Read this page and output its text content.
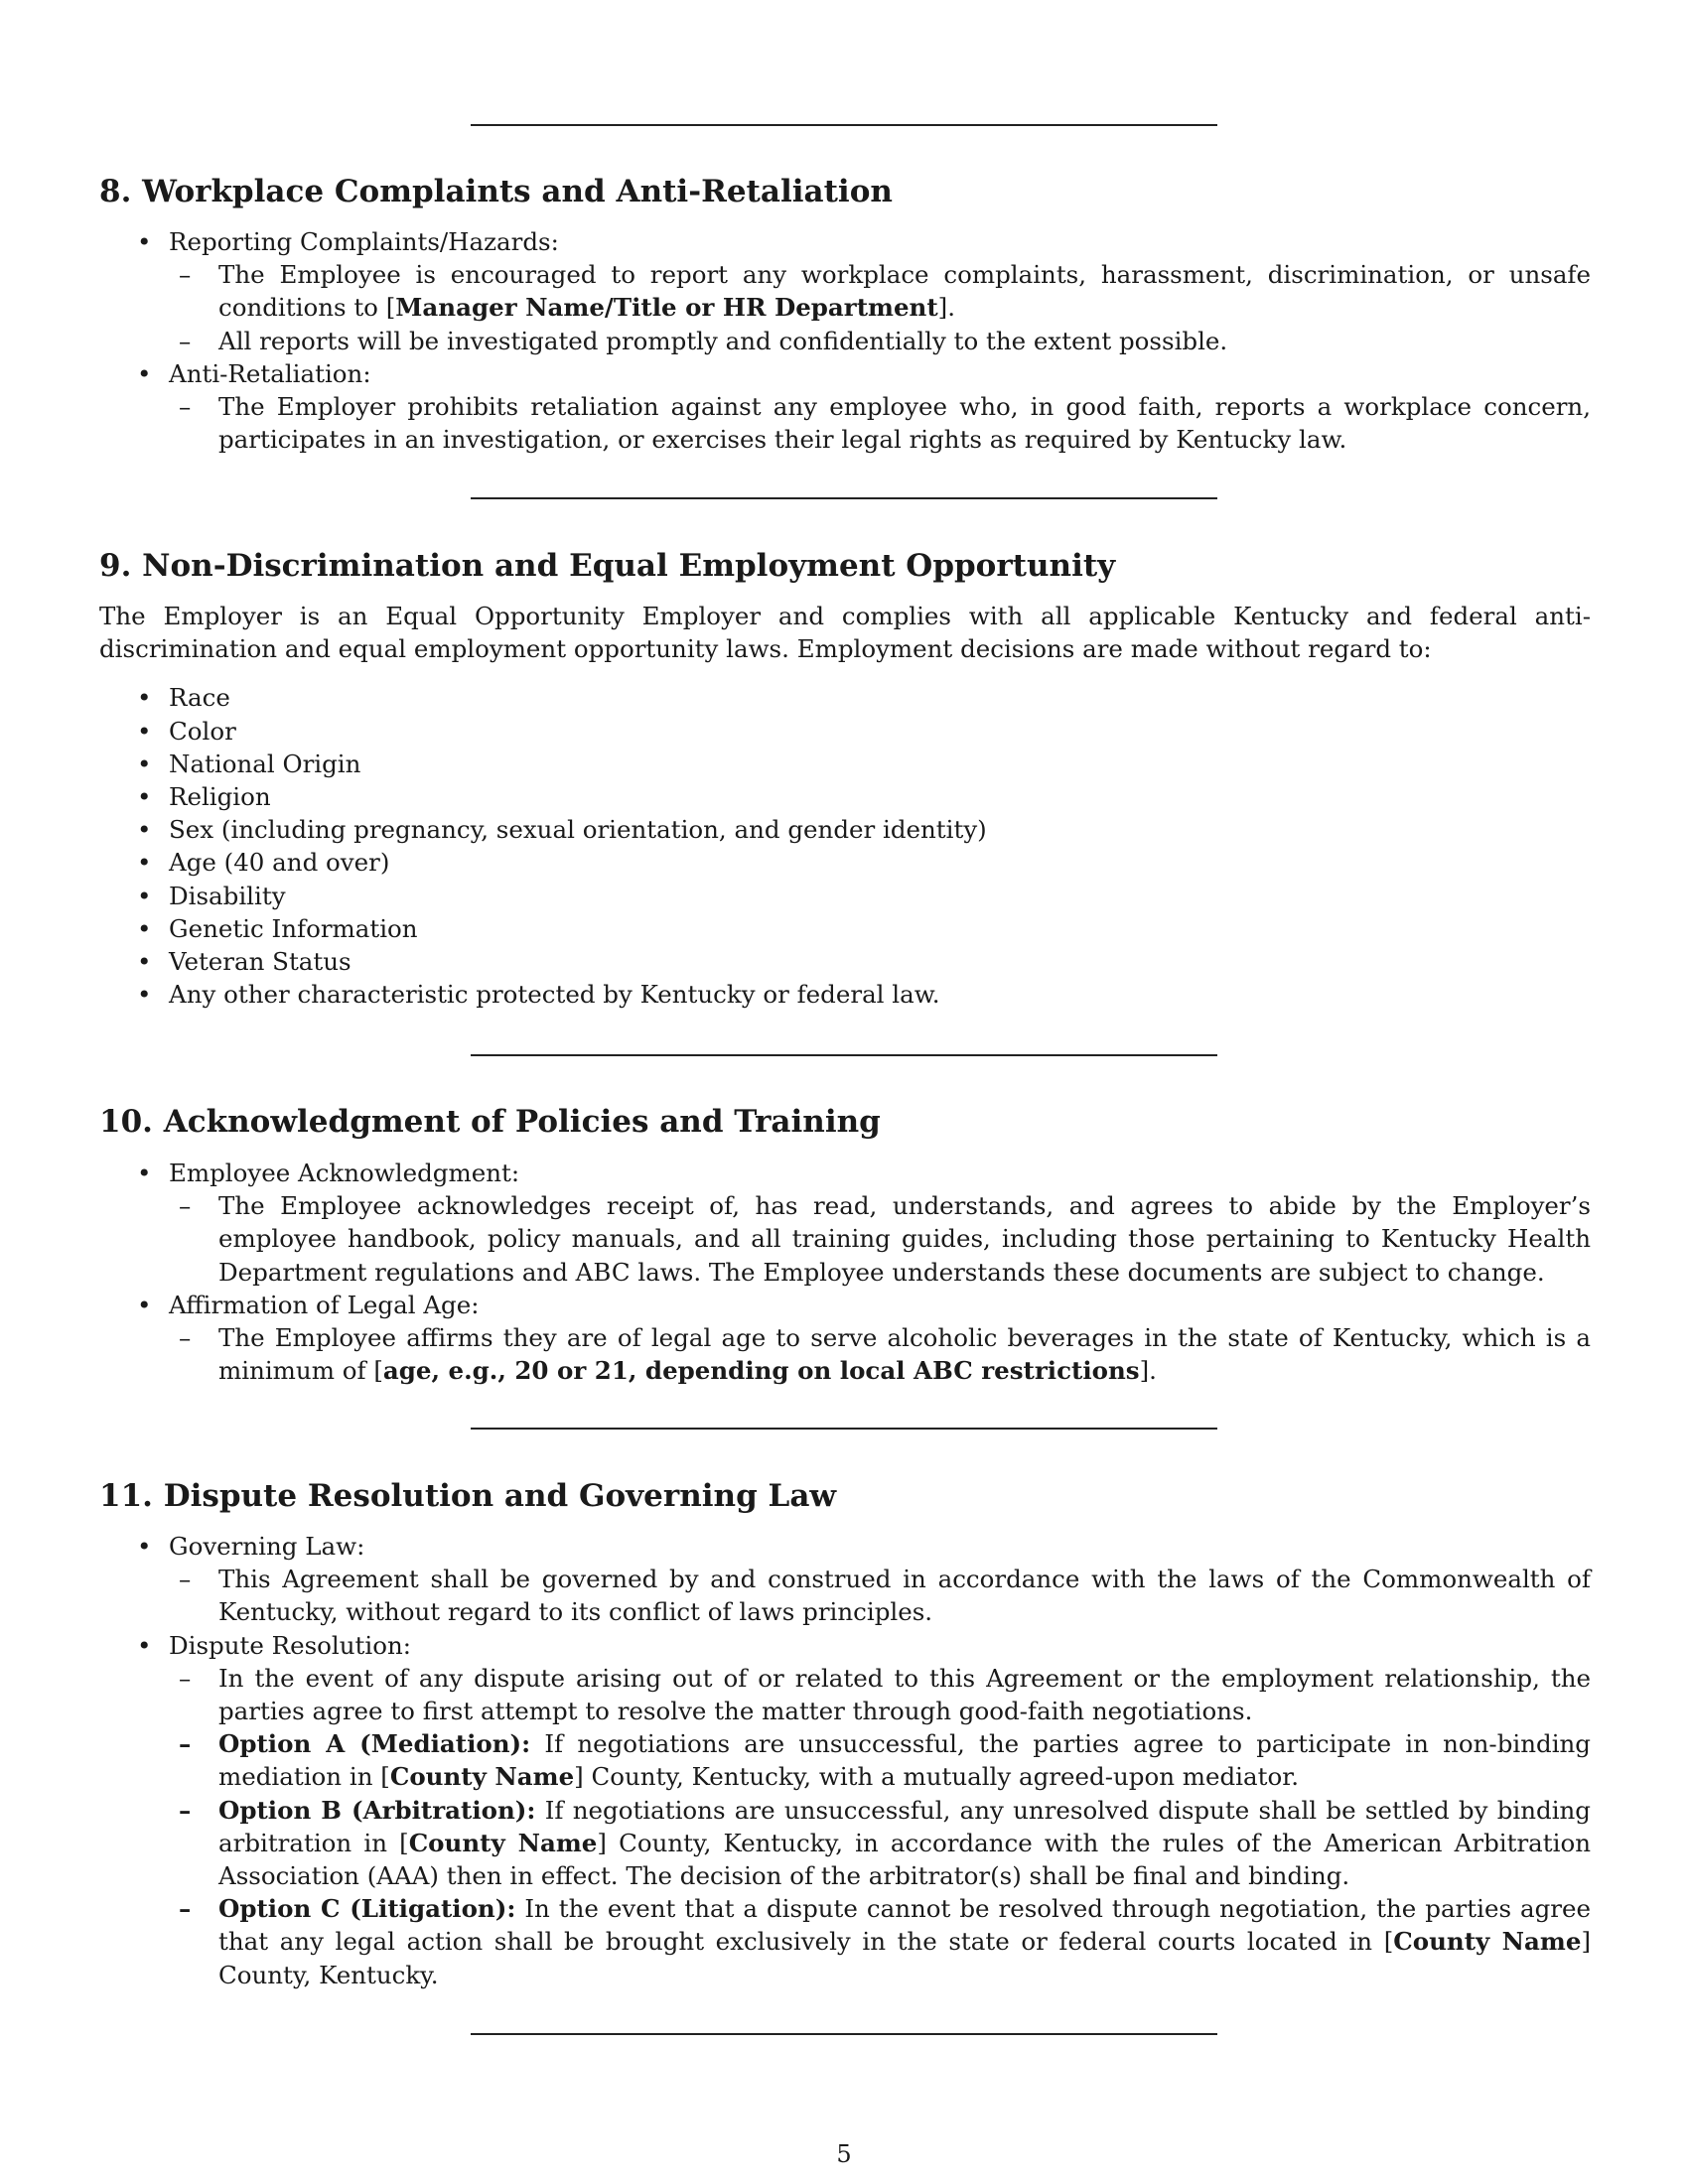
8. Workplace Complaints and Anti-Retaliation
• Reporting Complaints/Hazards:
– The Employee is encouraged to report any workplace complaints, harassment, discrimination, or unsafe conditions to [Manager Name/Title or HR Department].
– All reports will be investigated promptly and confidentially to the extent possible.
• Anti-Retaliation:
– The Employer prohibits retaliation against any employee who, in good faith, reports a workplace concern, participates in an investigation, or exercises their legal rights as required by Kentucky law.
9. Non-Discrimination and Equal Employment Opportunity

The Employer is an Equal Opportunity Employer and complies with all applicable Kentucky and federal anti-discrimination and equal employment opportunity laws. Employment decisions are made without regard to:

• Race
• Color
• National Origin
• Religion
• Sex (including pregnancy, sexual orientation, and gender identity)
• Age (40 and over)
• Disability
• Genetic Information
• Veteran Status
• Any other characteristic protected by Kentucky or federal law.
10. Acknowledgment of Policies and Training
• Employee Acknowledgment:
– The Employee acknowledges receipt of, has read, understands, and agrees to abide by the Employer’s employee handbook, policy manuals, and all training guides, including those pertaining to Kentucky Health Department regulations and ABC laws. The Employee understands these documents are subject to change.
• Affirmation of Legal Age:
– The Employee affirms they are of legal age to serve alcoholic beverages in the state of Kentucky, which is a minimum of [age, e.g., 20 or 21, depending on local ABC restrictions].
11. Dispute Resolution and Governing Law
• Governing Law:
– This Agreement shall be governed by and construed in accordance with the laws of the Commonwealth of Kentucky, without regard to its conflict of laws principles.
• Dispute Resolution:
– In the event of any dispute arising out of or related to this Agreement or the employment relationship, the parties agree to first attempt to resolve the matter through good-faith negotiations.
– Option A (Mediation): If negotiations are unsuccessful, the parties agree to participate in non-binding mediation in [County Name] County, Kentucky, with a mutually agreed-upon mediator.
– Option B (Arbitration): If negotiations are unsuccessful, any unresolved dispute shall be settled by binding arbitration in [County Name] County, Kentucky, in accordance with the rules of the American Arbitration Association (AAA) then in effect. The decision of the arbitrator(s) shall be final and binding.
– Option C (Litigation): In the event that a dispute cannot be resolved through negotiation, the parties agree that any legal action shall be brought exclusively in the state or federal courts located in [County Name] County, Kentucky.
5
